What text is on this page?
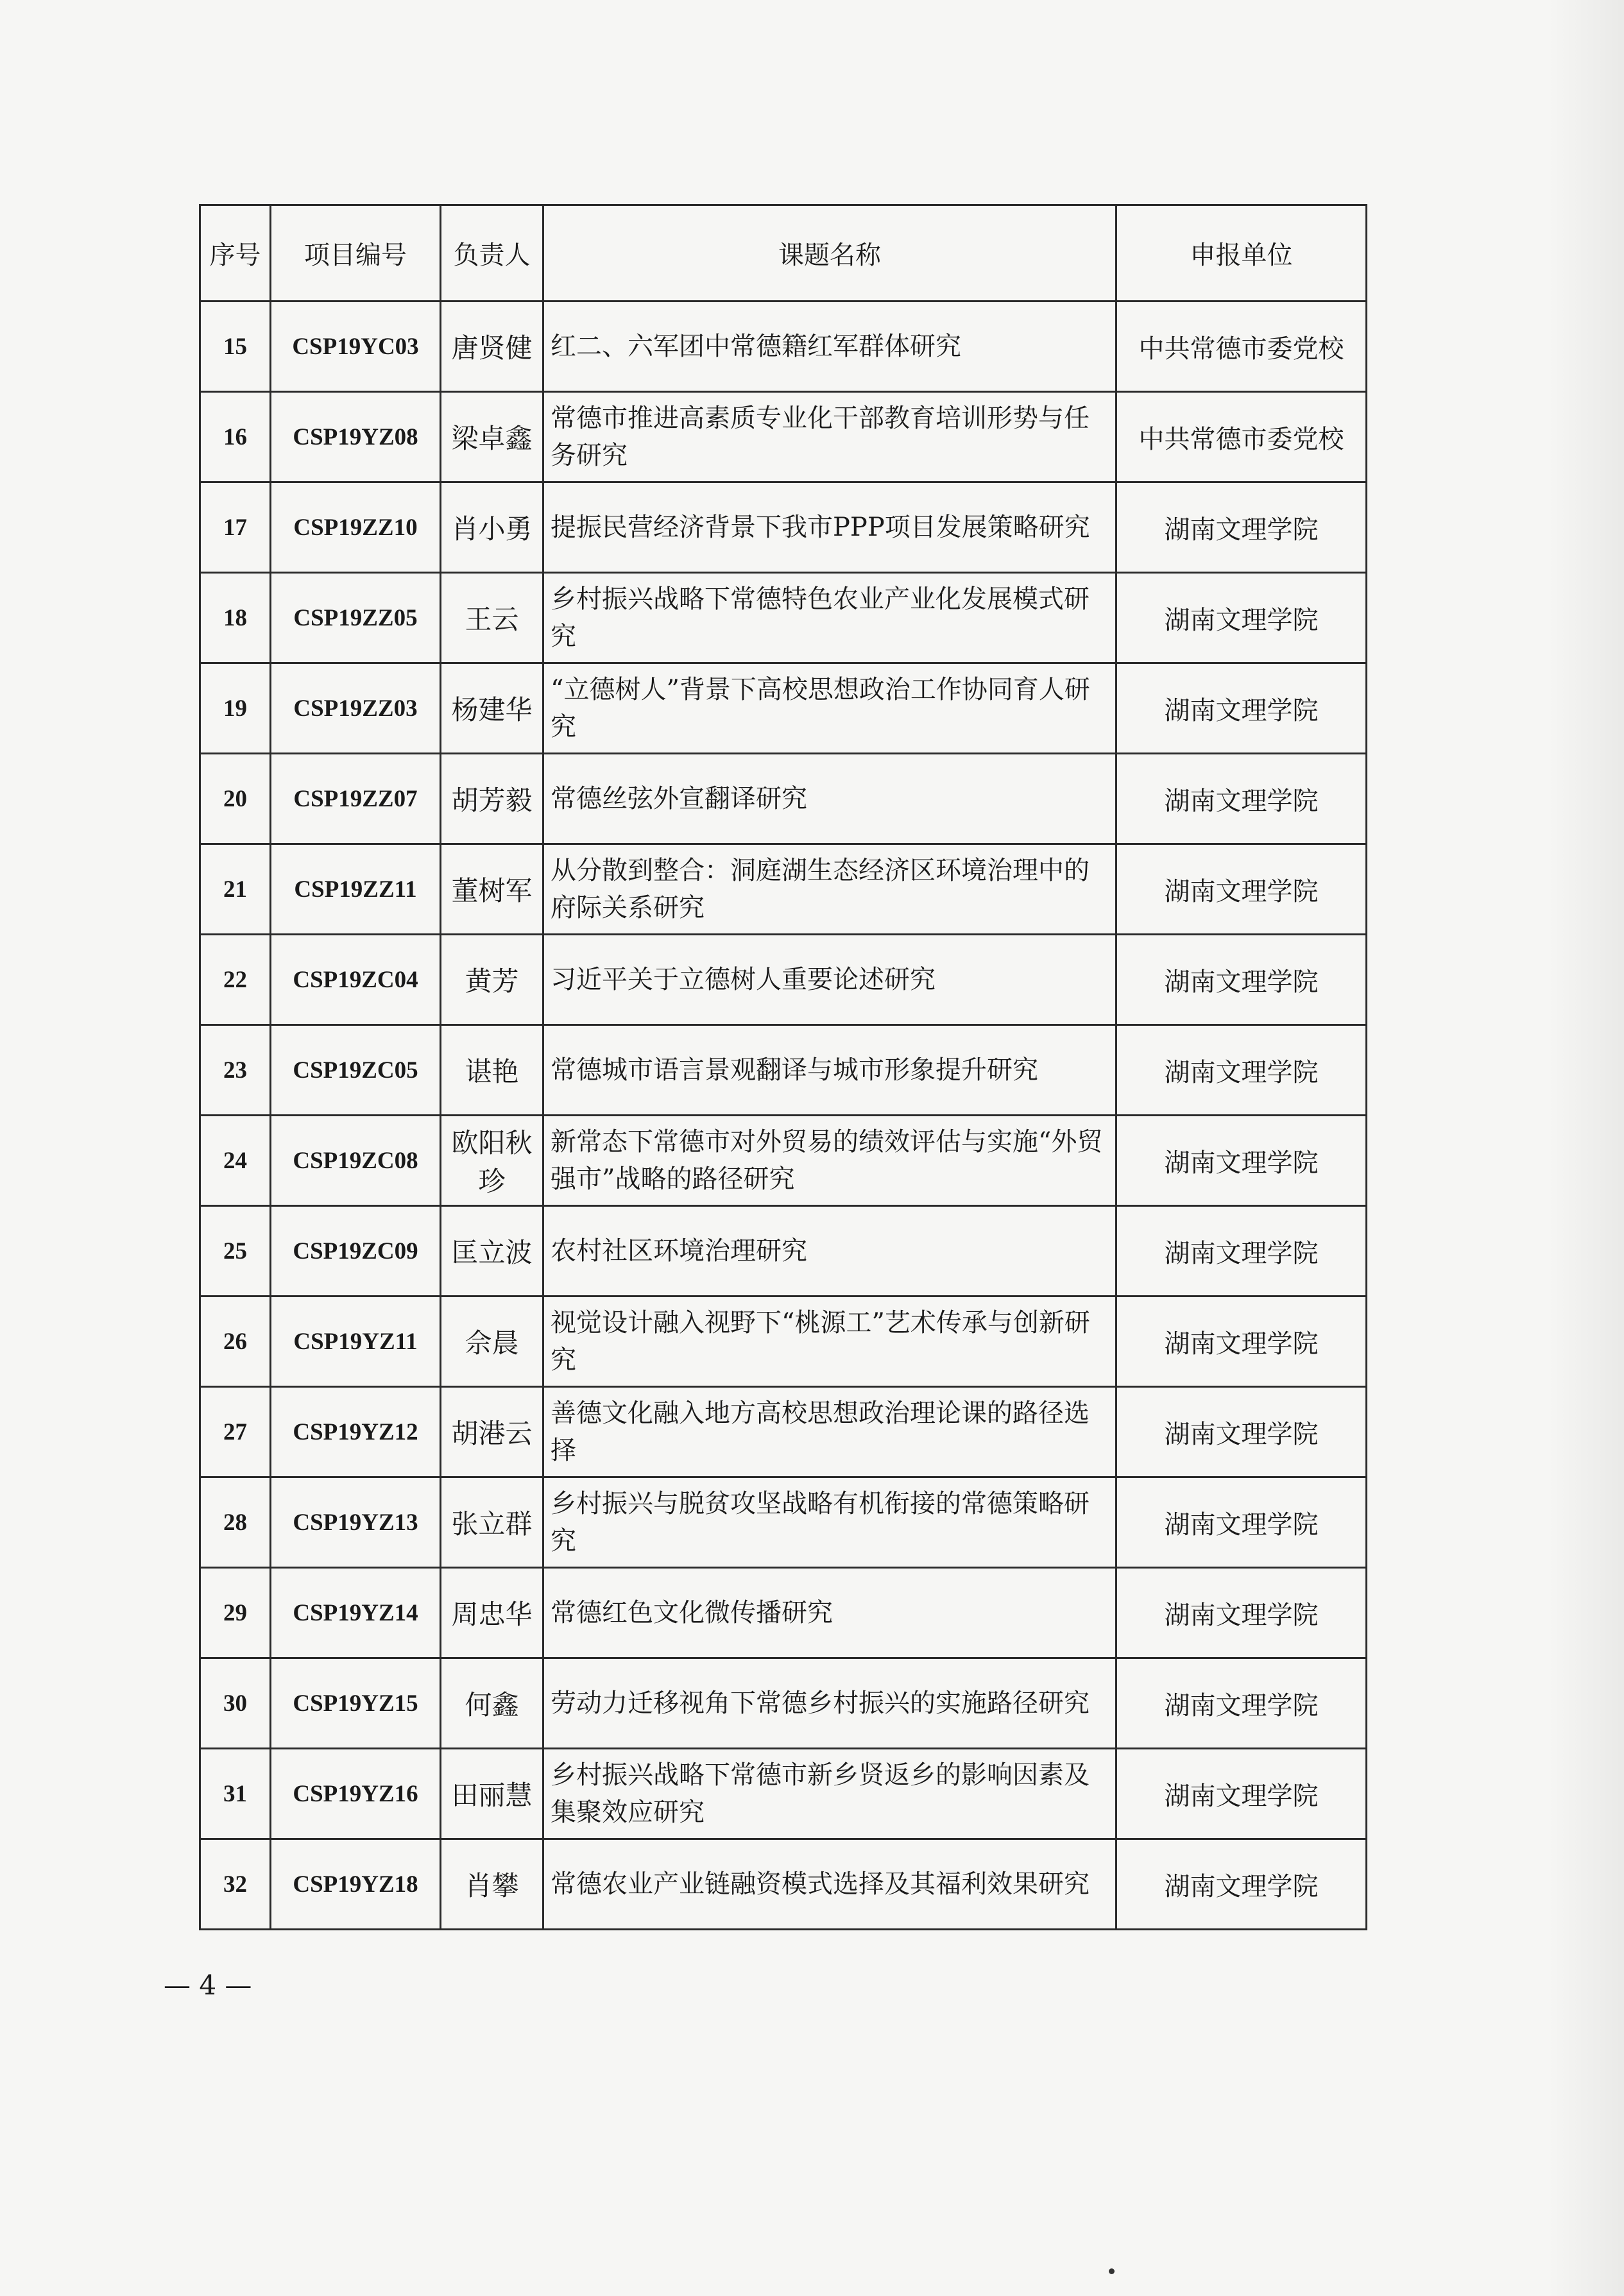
序号	项目编号	负责人	课题名称	申报单位
15	CSP19YC03	唐贤健	红二、六军团中常德籍红军群体研究	中共常德市委党校
16	CSP19YZ08	梁卓鑫	常德市推进高素质专业化干部教育培训形势与任务研究	中共常德市委党校
17	CSP19ZZ10	肖小勇	提振民营经济背景下我市PPP项目发展策略研究	湖南文理学院
18	CSP19ZZ05	王云	乡村振兴战略下常德特色农业产业化发展模式研究	湖南文理学院
19	CSP19ZZ03	杨建华	“立德树人”背景下高校思想政治工作协同育人研究	湖南文理学院
20	CSP19ZZ07	胡芳毅	常德丝弦外宣翻译研究	湖南文理学院
21	CSP19ZZ11	董树军	从分散到整合：洞庭湖生态经济区环境治理中的府际关系研究	湖南文理学院
22	CSP19ZC04	黄芳	习近平关于立德树人重要论述研究	湖南文理学院
23	CSP19ZC05	谌艳	常德城市语言景观翻译与城市形象提升研究	湖南文理学院
24	CSP19ZC08	欧阳秋珍	新常态下常德市对外贸易的绩效评估与实施“外贸强市”战略的路径研究	湖南文理学院
25	CSP19ZC09	匡立波	农村社区环境治理研究	湖南文理学院
26	CSP19YZ11	佘晨	视觉设计融入视野下“桃源工”艺术传承与创新研究	湖南文理学院
27	CSP19YZ12	胡港云	善德文化融入地方高校思想政治理论课的路径选择	湖南文理学院
28	CSP19YZ13	张立群	乡村振兴与脱贫攻坚战略有机衔接的常德策略研究	湖南文理学院
29	CSP19YZ14	周忠华	常德红色文化微传播研究	湖南文理学院
30	CSP19YZ15	何鑫	劳动力迁移视角下常德乡村振兴的实施路径研究	湖南文理学院
31	CSP19YZ16	田丽慧	乡村振兴战略下常德市新乡贤返乡的影响因素及集聚效应研究	湖南文理学院
32	CSP19YZ18	肖攀	常德农业产业链融资模式选择及其福利效果研究	湖南文理学院
— 4 —
